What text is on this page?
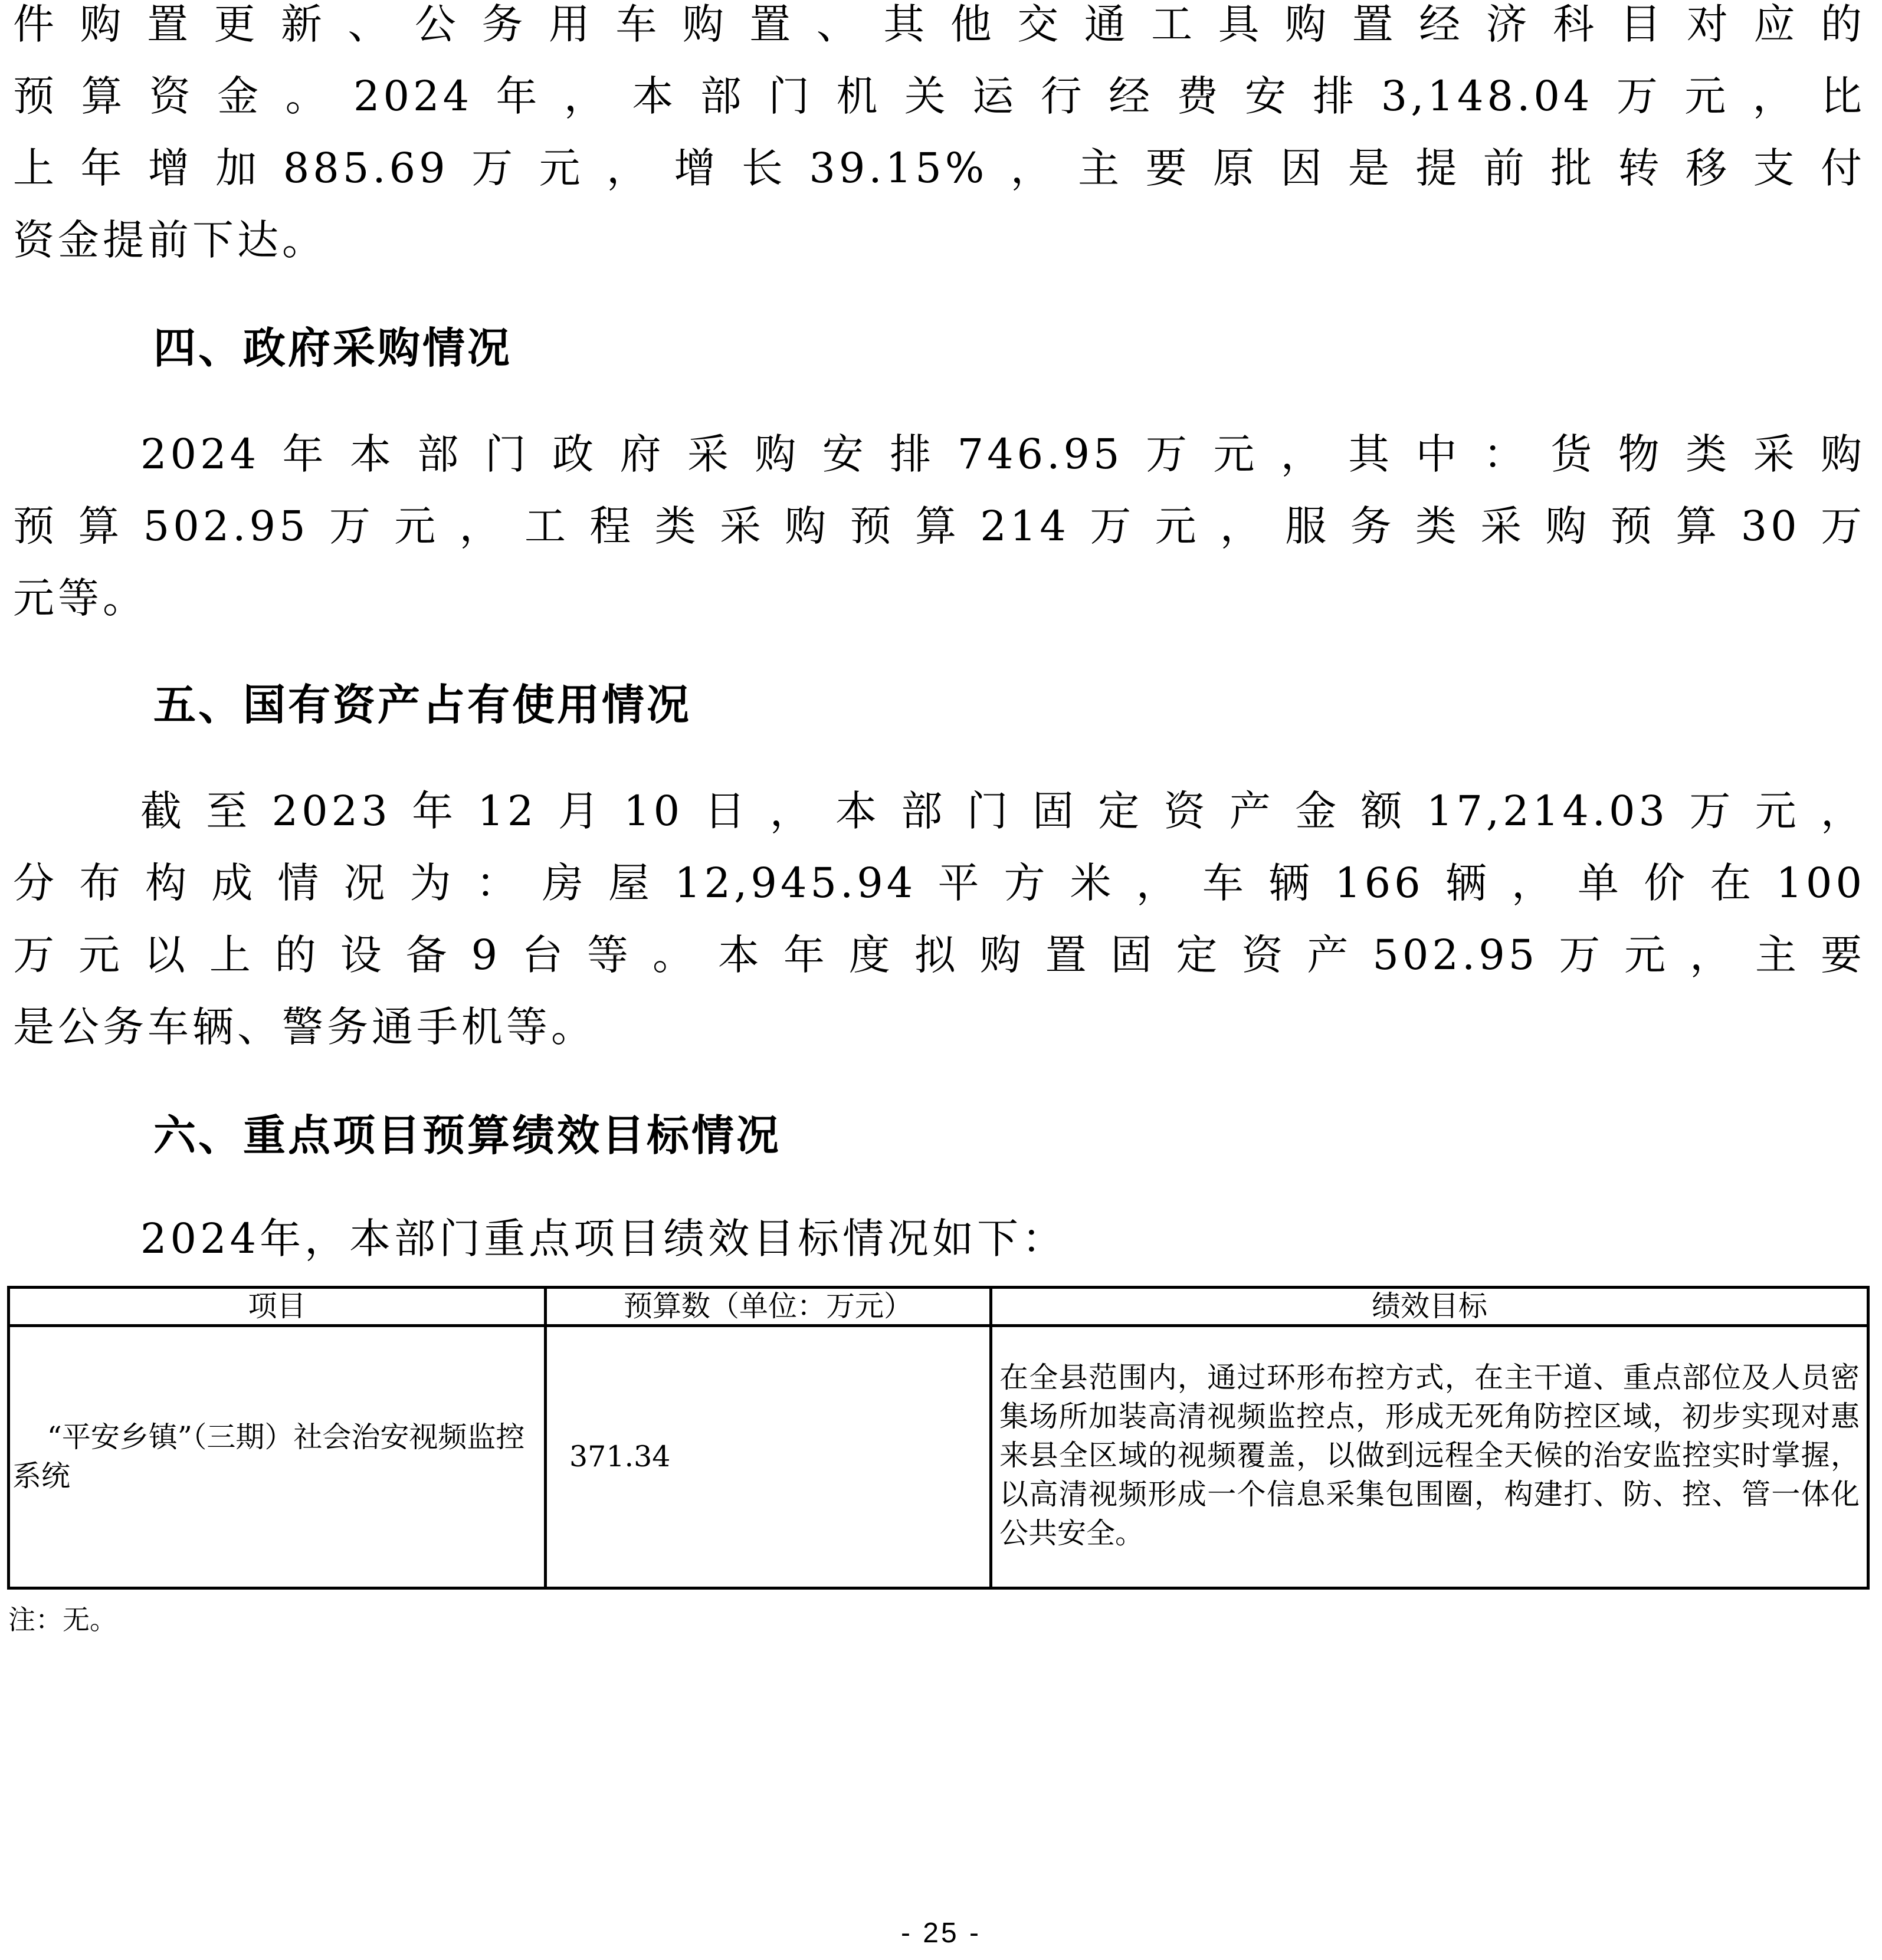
件购置更新、公务用车购置、其他交通工具购置经济科目对应的
预算资金。2024年，本部门机关运行经费安排3,148.04万元，比
上年增加885.69万元，增长39.15%，主要原因是提前批转移支付
资金提前下达。
四、政府采购情况
2024年本部门政府采购安排746.95万元，其中：货物类采购
预算502.95万元，工程类采购预算214万元，服务类采购预算30万
元等。
五、国有资产占有使用情况
截至2023年12月10日，本部门固定资产金额17,214.03万元，
分布构成情况为：房屋12,945.94平方米，车辆166辆，单价在100
万元以上的设备9台等。本年度拟购置固定资产502.95万元，主要
是公务车辆、警务通手机等。
六、重点项目预算绩效目标情况
2024年，本部门重点项目绩效目标情况如下：
项目	预算数（单位：万元）	绩效目标
“平安乡镇”（三期）社会治安视频监控系统	371.34	在全县范围内，通过环形布控方式，在主干道、重点部位及人员密集场所加装高清视频监控点，形成无死角防控区域，初步实现对惠来县全区域的视频覆盖，以做到远程全天候的治安监控实时掌握，以高清视频形成一个信息采集包围圈，构建打、防、控、管一体化公共安全。
注：无。
- 25 -
